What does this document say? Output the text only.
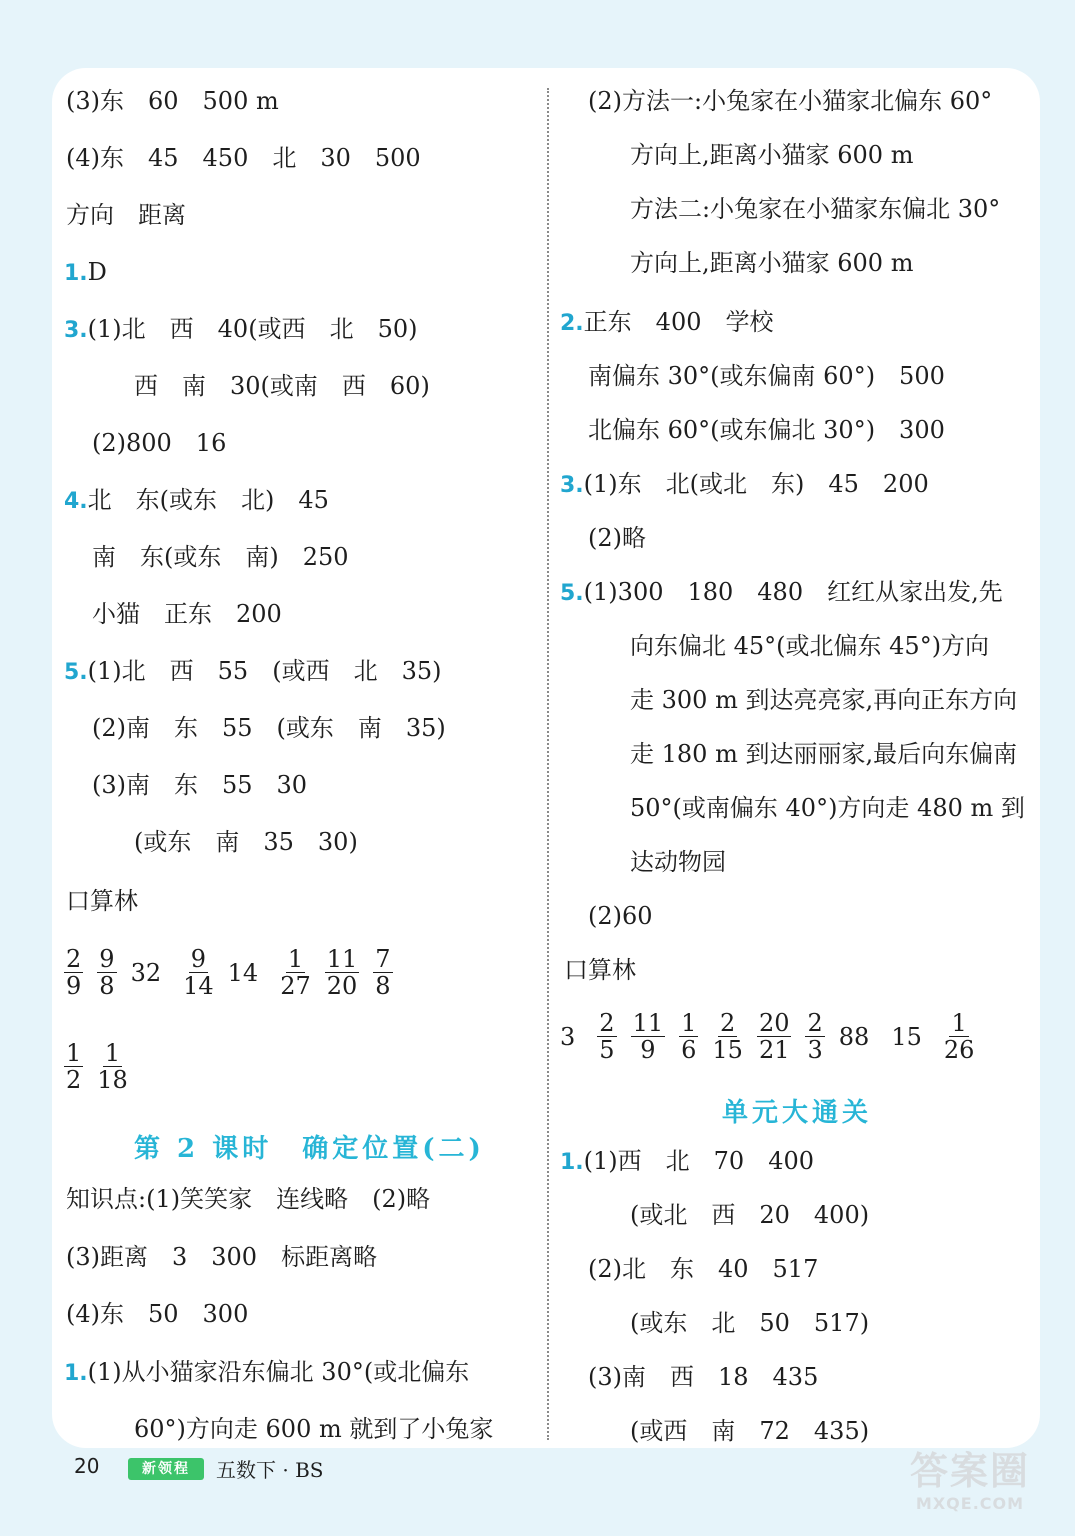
(3)东　60　500 m
(4)东　45　450　北　30　500
方向　距离
1.D
3.(1)北　西　40(或西　北　50)
西　南　30(或南　西　60)
(2)800　16
4.北　东(或东　北)　45
南　东(或东　南)　250
小猫　正东　200
5.(1)北　西　55　(或西　北　35)
(2)南　东　55　(或东　南　35)
(3)南　东　55　30
(或东　南　35　30)
口算林
$\frac{2}{9} \frac{9}{8} 32 \frac{9}{14} 14 \frac{1}{27} \frac{11}{20} \frac{7}{8}$
$\frac{1}{2} \frac{1}{18}$
第 2 课时　确定位置(二)
知识点:(1)笑笑家　连线略　(2)略
(3)距离　3　300　标距离略
(4)东　50　300
1.(1)从小猫家沿东偏北 30°(或北偏东
60°)方向走 600 m 就到了小兔家
(2)方法一:小兔家在小猫家北偏东 60°
方向上,距离小猫家 600 m
方法二:小兔家在小猫家东偏北 30°
方向上,距离小猫家 600 m
2.正东　400　学校
南偏东 30°(或东偏南 60°)　500
北偏东 60°(或东偏北 30°)　300
3.(1)东　北(或北　东)　45　200
(2)略
5.(1)300　180　480　红红从家出发,先
向东偏北 45°(或北偏东 45°)方向
走 300 m 到达亮亮家,再向正东方向
走 180 m 到达丽丽家,最后向东偏南
50°(或南偏东 40°)方向走 480 m 到
达动物园
(2)60
口算林
$3 \frac{2}{5} \frac{11}{9} \frac{1}{6} \frac{2}{15} \frac{20}{21} \frac{2}{3} 88$ $15 \frac{1}{26}$
单元大通关
1.(1)西　北　70　400
(或北　西　20　400)
(2)北　东　40　517
(或东　北　50　517)
(3)南　西　18　435
(或西　南　72　435)
20	新领程	五数下 · BS	答案圈
MXQE.COM
